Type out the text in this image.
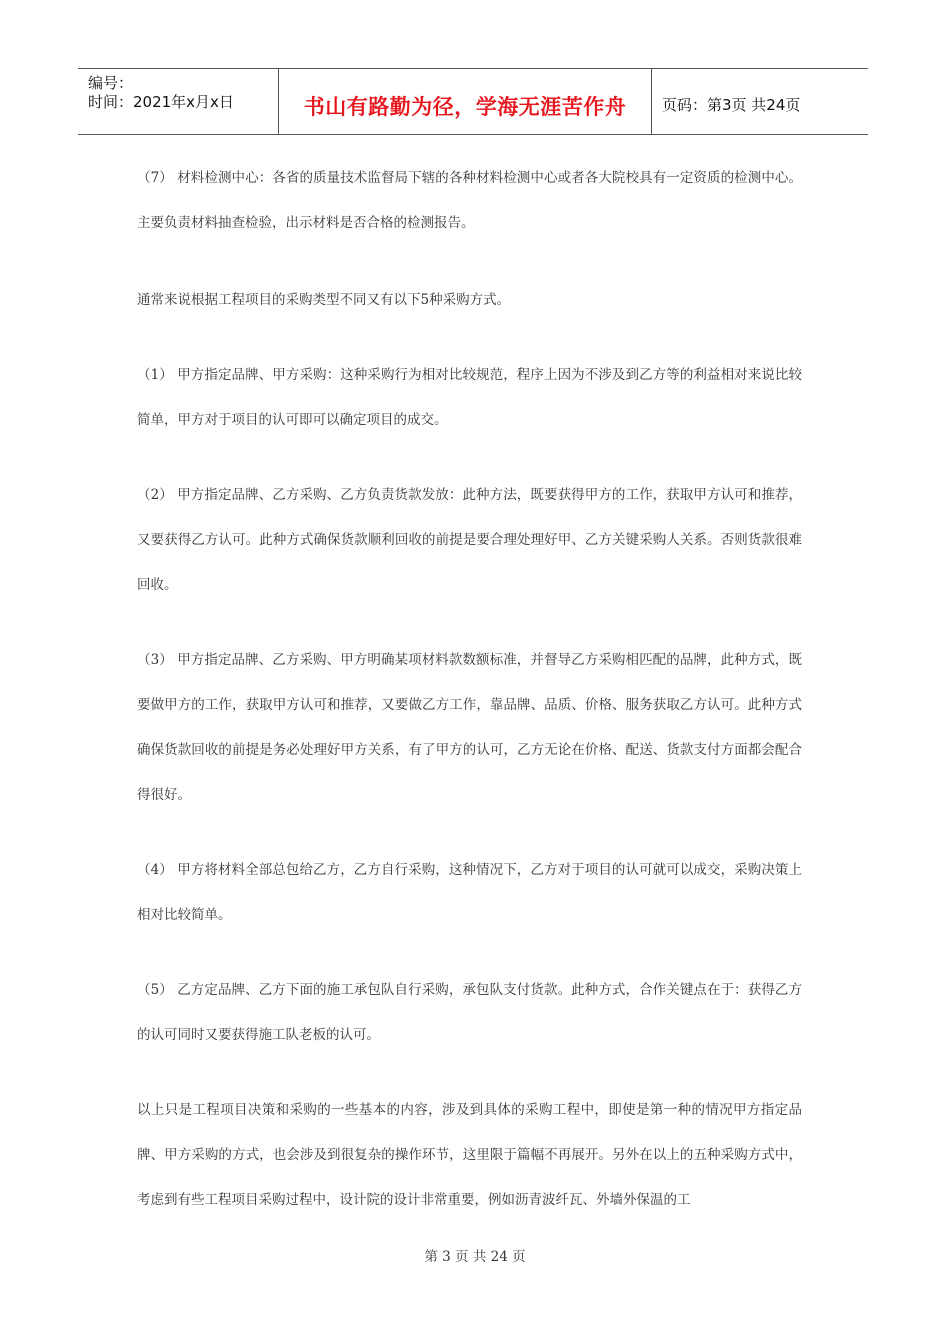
编号：
时间：2021年x月x日	书山有路勤为径，学海无涯苦作舟	页码：第3页 共24页

（7） 材料检测中心：各省的质量技术监督局下辖的各种材料检测中心或者各大院校具有一定资质的检测中心。主要负责材料抽查检验，出示材料是否合格的检测报告。

通常来说根据工程项目的采购类型不同又有以下5种采购方式。

（1） 甲方指定品牌、甲方采购：这种采购行为相对比较规范，程序上因为不涉及到乙方等的利益相对来说比较简单，甲方对于项目的认可即可以确定项目的成交。

（2） 甲方指定品牌、乙方采购、乙方负责货款发放：此种方法，既要获得甲方的工作，获取甲方认可和推荐，又要获得乙方认可。此种方式确保货款顺利回收的前提是要合理处理好甲、乙方关键采购人关系。否则货款很难回收。

（3） 甲方指定品牌、乙方采购、甲方明确某项材料款数额标准，并督导乙方采购相匹配的品牌，此种方式，既要做甲方的工作，获取甲方认可和推荐，又要做乙方工作，靠品牌、品质、价格、服务获取乙方认可。此种方式确保货款回收的前提是务必处理好甲方关系，有了甲方的认可，乙方无论在价格、配送、货款支付方面都会配合得很好。

（4） 甲方将材料全部总包给乙方，乙方自行采购，这种情况下，乙方对于项目的认可就可以成交，采购决策上相对比较简单。

（5） 乙方定品牌、乙方下面的施工承包队自行采购，承包队支付货款。此种方式，合作关键点在于：获得乙方的认可同时又要获得施工队老板的认可。

以上只是工程项目决策和采购的一些基本的内容，涉及到具体的采购工程中，即使是第一种的情况甲方指定品牌、甲方采购的方式，也会涉及到很复杂的操作环节，这里限于篇幅不再展开。另外在以上的五种采购方式中，考虑到有些工程项目采购过程中，设计院的设计非常重要，例如沥青波纤瓦、外墙外保温的工

第 3 页 共 24 页
